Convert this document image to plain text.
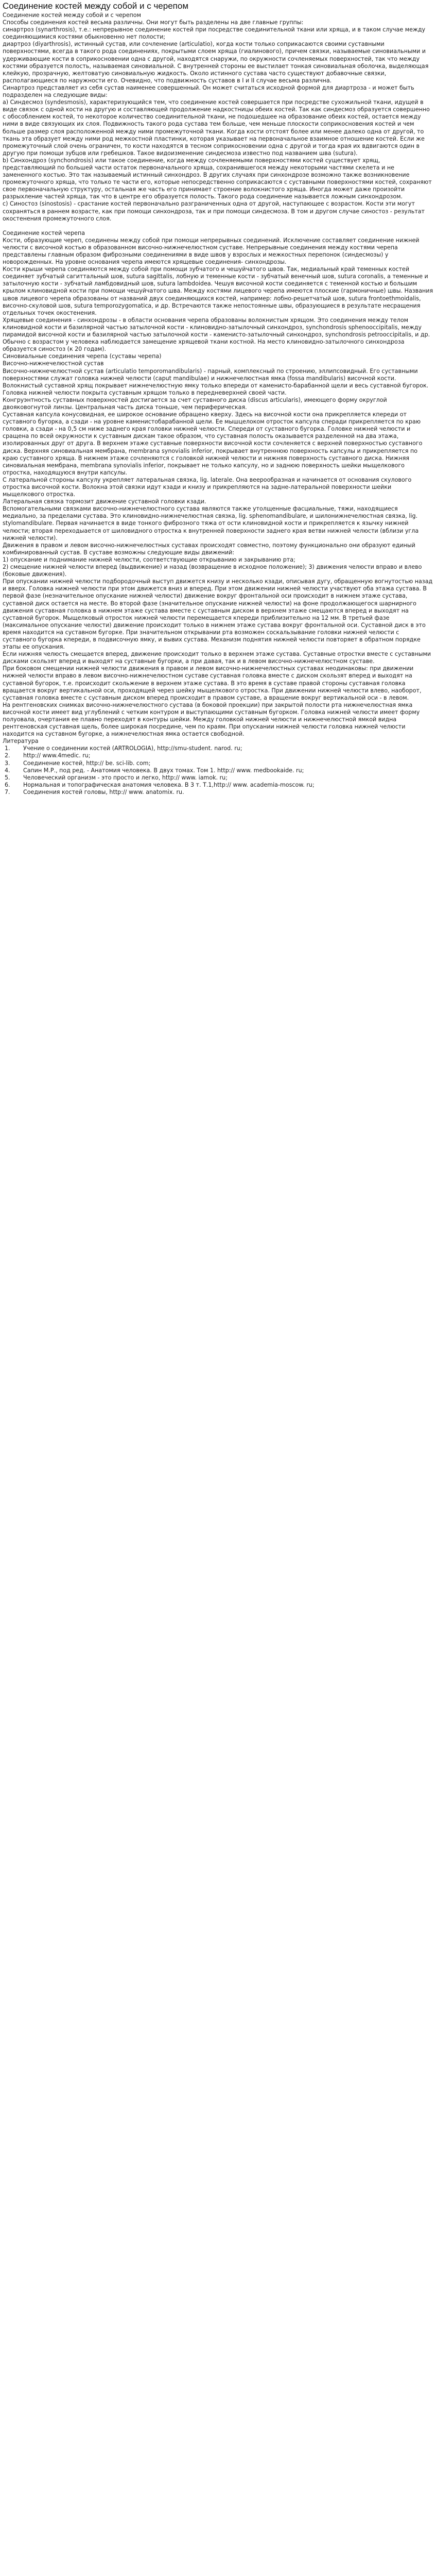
Соединение костей между собой и с черепом

Соединение костей между собой и с черепом

Способы соединения костей весьма различны. Они могут быть разделены на две главные группы:

синартроз (synarthrosis), т.е.: непрерывное соединение костей при посредстве соединительной ткани или хряща, и в таком случае между соединяющимися костями обыкновенно нет полости;

диартроз (diyarthrosis), истинный сустав, или сочленение (articulatio), когда кости только соприкасаются своими суставными поверхностями, всегда в такого рода соединениях, покрытыми слоем хряща (гиалинового), причем связки, называемые синовиальными и удерживающие кости в соприкосновении одна с другой, находятся снаружи, по окружности сочленяемых поверхностей, так что между костями образуется полость, называемая синовиальной. С внутренней стороны ее выстилает тонкая синовиальная оболочка, выделяющая клейкую, прозрачную, желтоватую синовиальную жидкость. Около истинного сустава часто существуют добавочные связки, располагающиеся по наружности его. Очевидно, что подвижность суставов в I и II случае весьма различна.

Синартроз представляет из себя сустав наименее совершенный. Он может считаться исходной формой для диартроза - и может быть подразделен на следующие виды:

а) Синдесмоз (syndesmosis), характеризующийся тем, что соединение костей совершается при посредстве сухожильной ткани, идущей в виде связок с одной кости на другую и составляющей продолжение надкостницы обеих костей. Так как синдесмоз образуется совершенно с обособлением костей, то некоторое количество соединительной ткани, не подошедшее на образование обеих костей, остается между ними в виде связующих их слоя. Подвижность такого рода сустава тем больше, чем меньше плоскости соприкосновения костей и чем больше размер слоя расположенной между ними промежуточной ткани. Когда кости отстоят более или менее далеко одна от другой, то ткань эта образует между ними род межкостной пластинки, которая указывает на первоначальное взаимное отношение костей. Если же промежуточный слой очень ограничен, то кости находятся в тесном соприкосновении одна с другой и тогда края их вдвигаются один в другую при помощи зубцов или гребешков. Такое видоизменение синдесмоза известно под названием шва (sutura).

b) Синхондроз (synchondrosis) или такое соединение, когда между сочленяемыми поверхностями костей существует хрящ, представляющий по большей части остаток первоначального хряща, сохранившегося между некоторыми частями скелета и не замененного костью. Это так называемый истинный синхондроз. В других случаях при синхондрозе возможно также возникновение промежуточного хряща, что только те части его, которые непосредственно соприкасаются с суставными поверхностями костей, сохраняют свое первоначальную структуру, остальная же часть его принимает строение волокнистого хряща. Иногда может даже произойти разрыхление частей хряща, так что в центре его образуется полость. Такого рода соединение называется ложным синхондрозом.

с) Синостоз (sinostosis) - срастание костей первоначально разграниченных одна от другой, наступающее с возрастом. Кости эти могут сохраняться в раннем возрасте, как при помощи синхондроза, так и при помощи синдесмоза. В том и другом случае синостоз - результат окостенения промежуточного слоя.

Соединение костей черепа

Кости, образующие череп, соединены между собой при помощи непрерывных соединений. Исключение составляет соединение нижней челюсти с височной костью в образованном височно-нижнечелюстном суставе. Непрерывные соединения между костями черепа представлены главным образом фиброзными соединениями в виде швов у взрослых и межкостных перепонок (синдесмозы) у новорожденных. На уровне основания черепа имеются хрящевые соединения- синхондрозы.

Кости крыши черепа соединяются между собой при помощи зубчатого и чешуйчатого швов. Так, медиальный край теменных костей соединяет зубчатый сагиттальный шов, sutura sagittalis, лобную и теменные кости - зубчатый венечный шов, sutura coronalis, а теменные и затылочную кости - зубчатый ламбдовидный шов, sutura lambdoidea. Чешуя височной кости соединяется с теменной костью и большим крылом клиновидной кости при помощи чешуйчатого шва. Между костями лицевого черепа имеются плоские (гармоничные) швы. Названия швов лицевого черепа образованы от названий двух соединяющихся костей, например: лобно-решетчатый шов, sutura frontoethmoidalis, височно-скуловой шов, sutura temporozygomatica, и др. Встречаются также непостоянные швы, образующиеся в результате несращения отдельных точек окостенения.

Хрящевые соединения - синхондрозы - в области основания черепа образованы волокнистым хрящом. Это соединения между телом клиновидной кости и базилярной частью затылочной кости - клиновидно-затылочный синхондроз, synchondrosis sphenooccipitalis, между пирамидой височной кости и базилярной частью затылочной кости - каменисто-затылочный синхондроз, synchondrosis petrooccipitalis, и др. Обычно с возрастом у человека наблюдается замещение хрящевой ткани костной. На место клиновидно-затылочного синхондроза образуется синостоз (к 20 годам).

Синовиальные соединения черепа (суставы черепа)

Височно-нижнечелюстной сустав

Височно-нижнечелюстной сустав (articulatio temporomandibularis) - парный, комплексный по строению, эллипсовидный. Его суставными поверхностями служат головка нижней челюсти (caput mandibulae) и нижнечелюстная ямка (fossa mandibularis) височной кости. Волокнистый суставной хрящ покрывает нижнечелюстную ямку только впереди от каменисто-барабанной щели и весь суставной бугорок. Головка нижней челюсти покрыта суставным хрящом только в передневерхней своей части.

Конгруэнтность суставных поверхностей достигается за счет суставного диска (discus articularis), имеющего форму округлой двояковогнутой линзы. Центральная часть диска тоньше, чем периферическая.

Суставная капсула конусовидная, ее широкое основание обращено кверху. Здесь на височной кости она прикрепляется кпереди от суставного бугорка, а сзади - на уровне каменистобарабанной щели. Ее мышцелоком отросток капсула сперади прикрепляется по краю головки, а сзади - на 0,5 см ниже заднего края головки нижней челюсти. Спереди от суставного бугорка. Головке нижней челюсти и сращена по всей окружности к суставным дискам такое образом, что суставная полость оказывается разделенной на два этажа, изолированных друг от друга. В верхнем этаже суставные поверхности височной кости сочленяется с верхней поверхностью суставного диска. Верхняя синовиальная мембрана, membrana synovialis inferior, покрывает внутреннюю поверхность капсулы и прикрепляется по краю суставного хряща. В нижнем этаже сочленяются с головкой нижней челюсти и нижняя поверхность суставного диска. Нижняя синовиальная мембрана, membrana synovialis inferior, покрывает не только капсулу, но и заднюю поверхность шейки мыщелкового отростка, находящуюся внутри капсулы.

С латеральной стороны капсулу укрепляет латеральная связка, lig. laterale. Она веерообразная и начинается от основания скулового отростка височной кости. Волокна этой связки идут кзади и книзу и прикрепляются на задне-латеральной поверхности шейки мыщелкового отростка.

Латеральная связка тормозит движение суставной головки кзади.

Вспомогательными связками височно-нижнечелюстного сустава являются также утолщенные фасциальные, тяжи, находящиеся медиально, за пределами сустава. Это клиновидно-нижнечелюстная связка, lig. sphenomandibulare, и шилонижнечелюстная связка, lig. stylomandibulare. Первая начинается в виде тонкого фиброзного тяжа от ости клиновидной кости и прикрепляется к язычку нижней челюсти; вторая переходыается от шиловидного отростка к внутренней поверхности заднего края ветви нижней челюсти (вблизи угла нижней челюсти).

Движения в правом и левом височно-нижнечелюстных суставах происходят совместно, поэтому функционально они образуют единый комбинированный сустав. В суставе возможны следующие виды движений:

1) опускание и поднимание нижней челюсти, соответствующие открыванию и закрыванию рта;

2) смещение нижней челюсти вперед (выдвижение) и назад (возвращение в исходное положение); 3) движения челюсти вправо и влево (боковые движения).

При опускании нижней челюсти подбородочный выступ движется книзу и несколько кзади, описывая дугу, обращенную вогнутостью назад и вверх. Головка нижней челюсти при этом движется вниз и вперед. При этом движении нижней челюсти участвуют оба этажа сустава. В первой фазе (незначительное опускание нижней челюсти) движение вокруг фронтальной оси происходит в нижнем этаже сустава, суставной диск остается на месте. Во второй фазе (значительное опускание нижней челюсти) на фоне продолжающегося шарнирного движения суставная головка в нижнем этаже сустава вместе с суставным диском в верхнем этаже смещаются вперед и выходят на суставной бугорок. Мыщелковый отросток нижней челюсти перемещается кпереди приблизительно на 12 мм. В третьей фазе (максимальное опускание челюсти) движение происходит только в нижнем этаже сустава вокруг фронтальной оси. Суставной диск в это время находится на суставном бугорке. При значительном открывании рта возможен соскальзывание головки нижней челюсти с суставного бугорка кпереди, в подвисочную ямку, и вывих сустава. Механизм поднятия нижней челюсти повторяет в обратном порядке этапы ее опускания.

Если нижняя челюсть смещается вперед, движение происходит только в верхнем этаже сустава. Суставные отростки вместе с суставными дисками скользят вперед и выходят на суставные бугорки, а при давая, так и в левом височно-нижнечелюстном суставе.

При боковом смещении нижней челюсти движения в правом и левом височно-нижнечелюстных суставах неодинаковы: при движении нижней челюсти вправо в левом височно-нижнечелюстном суставе суставная головка вместе с диском скользят вперед и выходят на суставной бугорок, т.е. происходит скольжение в верхнем этаже сустава. В это время в суставе правой стороны суставная головка вращается вокруг вертикальной оси, проходящей через шейку мыщелкового отростка. При движении нижней челюсти влево, наоборот, суставная головка вместе с суставным диском вперед происходит в правом суставе, а вращение вокруг вертикальной оси - в левом.

На рентгеновских снимках височно-нижнечелюстного сустава (в боковой проекции) при закрытой полости рта нижнечелюстная ямка височной кости имеет вид углублений с четким контуром и выступающими суставным бугорком. Головка нижней челюсти имеет форму полуовала, очертания ее плавно переходят в контуры шейки. Между головкой нижней челюсти и нижнечелюстной ямкой видна рентгеновская суставная щель, более широкая посредине, чем по краям. При опускании нижней челюсти головка нижней челюсти находится на суставном бугорке, а нижнечелюстная ямка остается свободной.

Литература

1.	Учение о соединении костей (ARTROLOGIA), http://smu-student. narod. ru;
2.	http:// www.4medic. ru;
3.	Соединение костей, http:// be. sci-lib. com;
4.	Сапин М.Р., под ред. - Анатомия человека. В двух томах. Том 1. http:// www. medbookaide. ru;
5.	Человеческий организм - это просто и легко, http:// www. iamok. ru;
6.	Нормальная и топографическая анатомия человека. В 3 т. Т.1,http:// www. academia-moscow. ru;
7.	Соединения костей головы, http:// www. anatomix. ru.
